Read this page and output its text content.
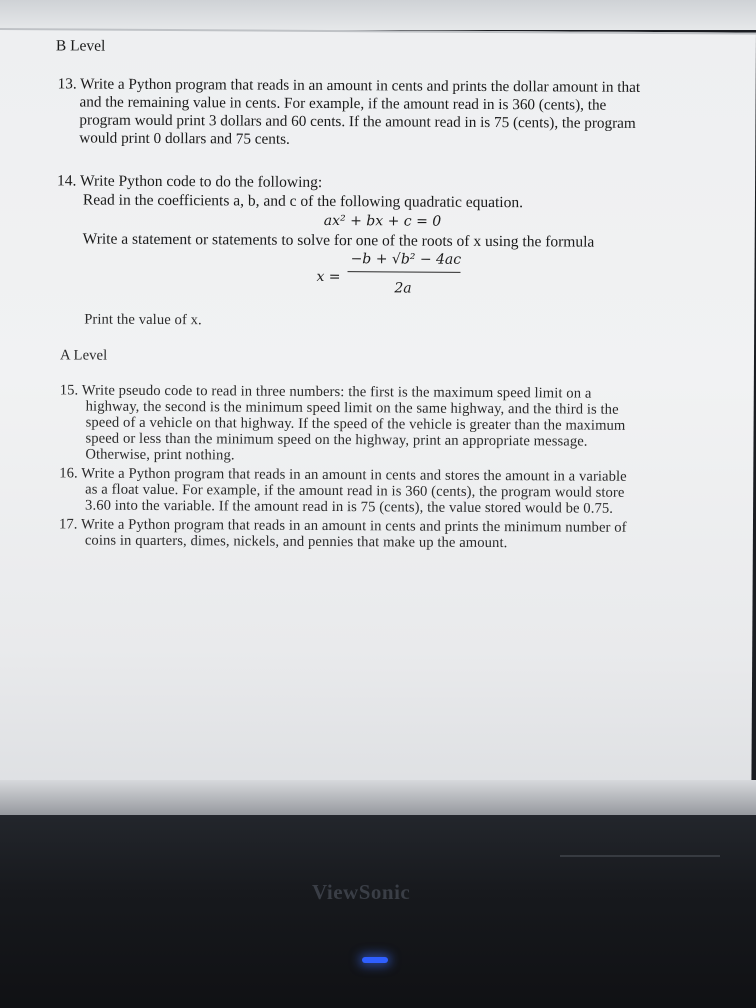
B Level
13. Write a Python program that reads in an amount in cents and prints the dollar amount in that
and the remaining value in cents. For example, if the amount read in is 360 (cents), the
program would print 3 dollars and 60 cents. If the amount read in is 75 (cents), the program
would print 0 dollars and 75 cents.
14. Write Python code to do the following:
Read in the coefficients a, b, and c of the following quadratic equation.
ax² + bx + c = 0
Write a statement or statements to solve for one of the roots of x using the formula
x =
−b + √b² − 4ac
2a
Print the value of x.
A Level
15. Write pseudo code to read in three numbers: the first is the maximum speed limit on a
highway, the second is the minimum speed limit on the same highway, and the third is the
speed of a vehicle on that highway. If the speed of the vehicle is greater than the maximum
speed or less than the minimum speed on the highway, print an appropriate message.
Otherwise, print nothing.
16. Write a Python program that reads in an amount in cents and stores the amount in a variable
as a float value. For example, if the amount read in is 360 (cents), the program would store
3.60 into the variable. If the amount read in is 75 (cents), the value stored would be 0.75.
17. Write a Python program that reads in an amount in cents and prints the minimum number of
coins in quarters, dimes, nickels, and pennies that make up the amount.
ViewSonic
